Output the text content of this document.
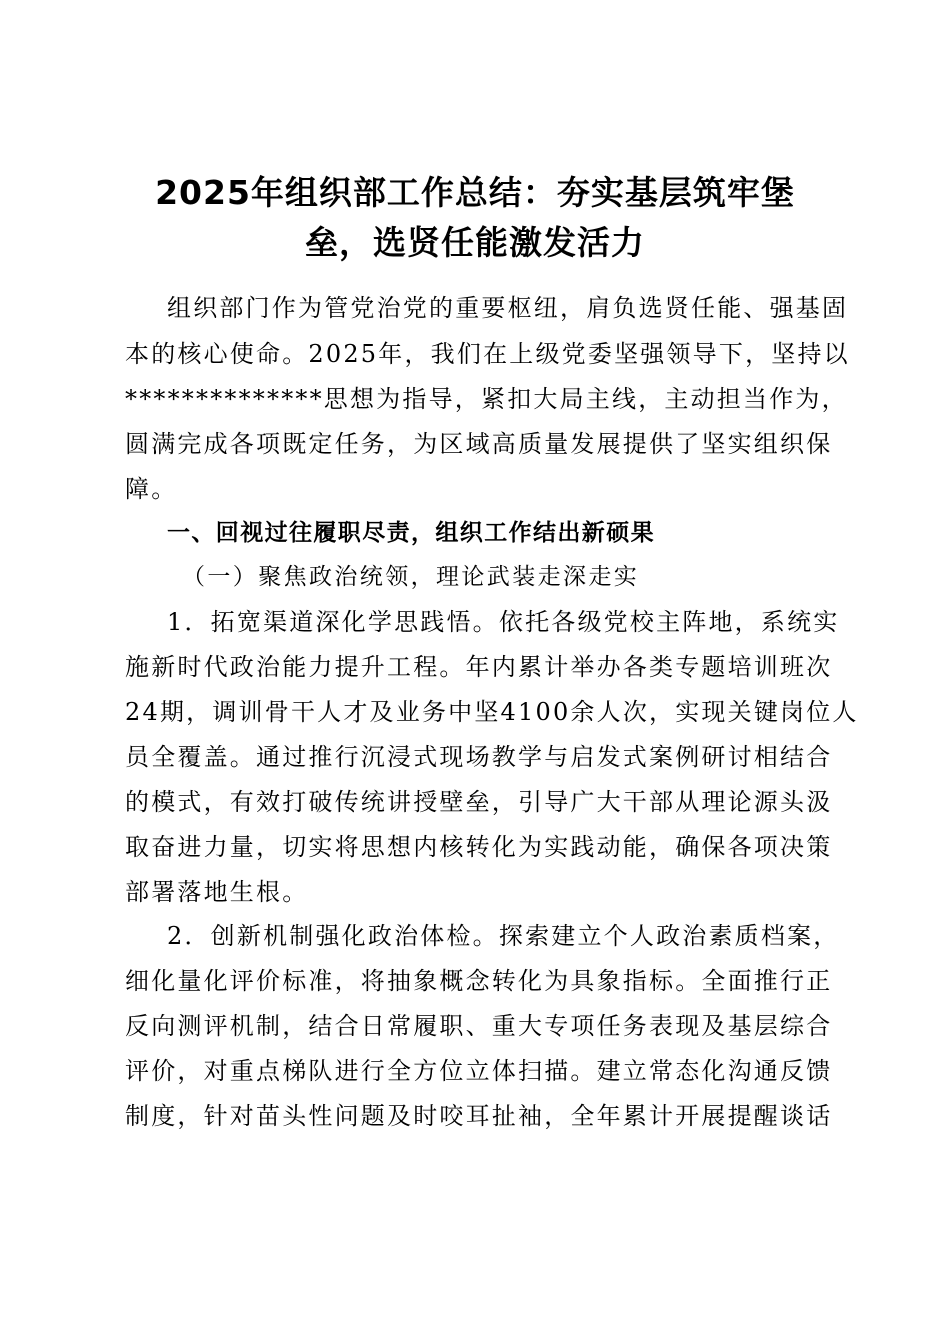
2025年组织部工作总结：夯实基层筑牢堡
垒，选贤任能激发活力
组织部门作为管党治党的重要枢纽，肩负选贤任能、强基固
本的核心使命。2025年，我们在上级党委坚强领导下，坚持以
**************思想为指导，紧扣大局主线，主动担当作为，
圆满完成各项既定任务，为区域高质量发展提供了坚实组织保
障。
一、回视过往履职尽责，组织工作结出新硕果
（一）聚焦政治统领，理论武装走深走实
1．拓宽渠道深化学思践悟。依托各级党校主阵地，系统实
施新时代政治能力提升工程。年内累计举办各类专题培训班次
24期，调训骨干人才及业务中坚4100余人次，实现关键岗位人
员全覆盖。通过推行沉浸式现场教学与启发式案例研讨相结合
的模式，有效打破传统讲授壁垒，引导广大干部从理论源头汲
取奋进力量，切实将思想内核转化为实践动能，确保各项决策
部署落地生根。
2．创新机制强化政治体检。探索建立个人政治素质档案，
细化量化评价标准，将抽象概念转化为具象指标。全面推行正
反向测评机制，结合日常履职、重大专项任务表现及基层综合
评价，对重点梯队进行全方位立体扫描。建立常态化沟通反馈
制度，针对苗头性问题及时咬耳扯袖，全年累计开展提醒谈话
